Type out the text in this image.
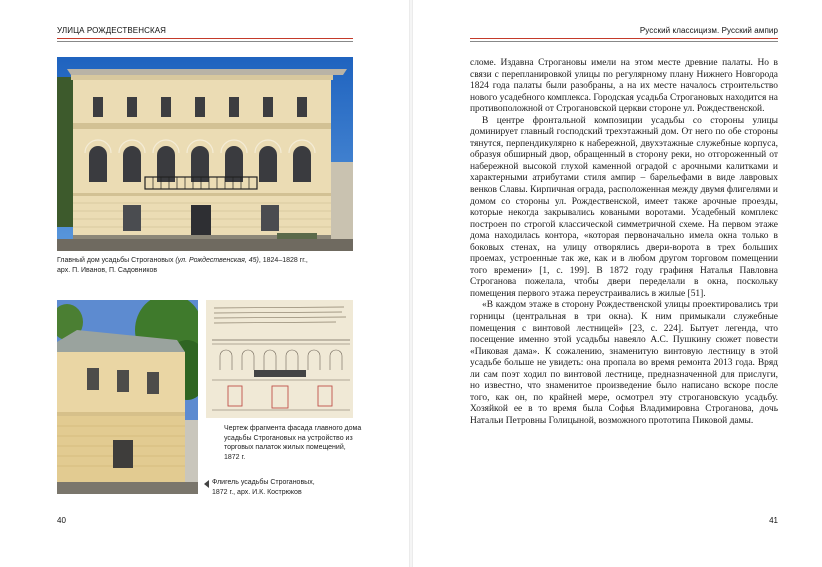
УЛИЦА РОЖДЕСТВЕНСКАЯ
Главный дом усадьбы Строгановых (ул. Рождественская, 45), 1824–1828 гг.,
арх. П. Иванов, П. Садовников
Чертеж фрагмента фасада главного дома
усадьбы Строгановых на устройство из
торговых палаток жилых помещений,
1872 г.
Флигель усадьбы Строгановых,
1872 г., арх. И.К. Кострюков
40
Русский классицизм. Русский ампир

сломе. Издавна Строгановы имели на этом месте древние палаты. Но в связи с перепланировкой улицы по регулярному плану Нижнего Новгорода 1824 года палаты были разобраны, а на их месте началось строительство нового усадебного комплекса. Городская усадьба Строгановых находится на противоположной от Строгановской церкви стороне ул. Рождественской.

В центре фронтальной композиции усадьбы со стороны улицы доминирует главный господский трехэтажный дом. От него по обе стороны тянутся, перпендикулярно к набережной, двухэтажные служебные корпуса, образуя обширный двор, обращенный в сторону реки, но отгороженный от набережной высокой глухой каменной оградой с арочными калитками и характерными атрибутами стиля ампир – барельефами в виде лавровых венков Славы. Кирпичная ограда, расположенная между двумя флигелями и домом со стороны ул. Рождественской, имеет также арочные проезды, которые некогда закрывались коваными воротами. Усадебный комплекс построен по строгой классической симметричной схеме. На первом этаже дома находилась контора, «которая первоначально имела окна только в боковых стенах, на улицу отворялись двери-ворота в трех больших проемах, устроенные так же, как и в любом другом торговом помещении того времени» [1, с. 199]. В 1872 году графиня Наталья Павловна Строганова пожелала, чтобы двери переделали в окна, поскольку помещения первого этажа переустраивались в жилые [51].

«В каждом этаже в сторону Рождественской улицы проектировались три горницы (центральная в три окна). К ним примыкали служебные помещения с винтовой лестницей» [23, с. 224]. Бытует легенда, что посещение именно этой усадьбы навеяло А.С. Пушкину сюжет повести «Пиковая дама». К сожалению, знаменитую винтовую лестницу в этой усадьбе больше не увидеть: она пропала во время ремонта 2013 года. Вряд ли сам поэт ходил по винтовой лестнице, предназначенной для прислуги, но известно, что знаменитое произведение было написано вскоре после того, как он, по крайней мере, осмотрел эту строгановскую усадьбу. Хозяйкой ее в то время была Софья Владимировна Строганова, дочь Натальи Петровны Голицыной, возможного прототипа Пиковой дамы.

41
